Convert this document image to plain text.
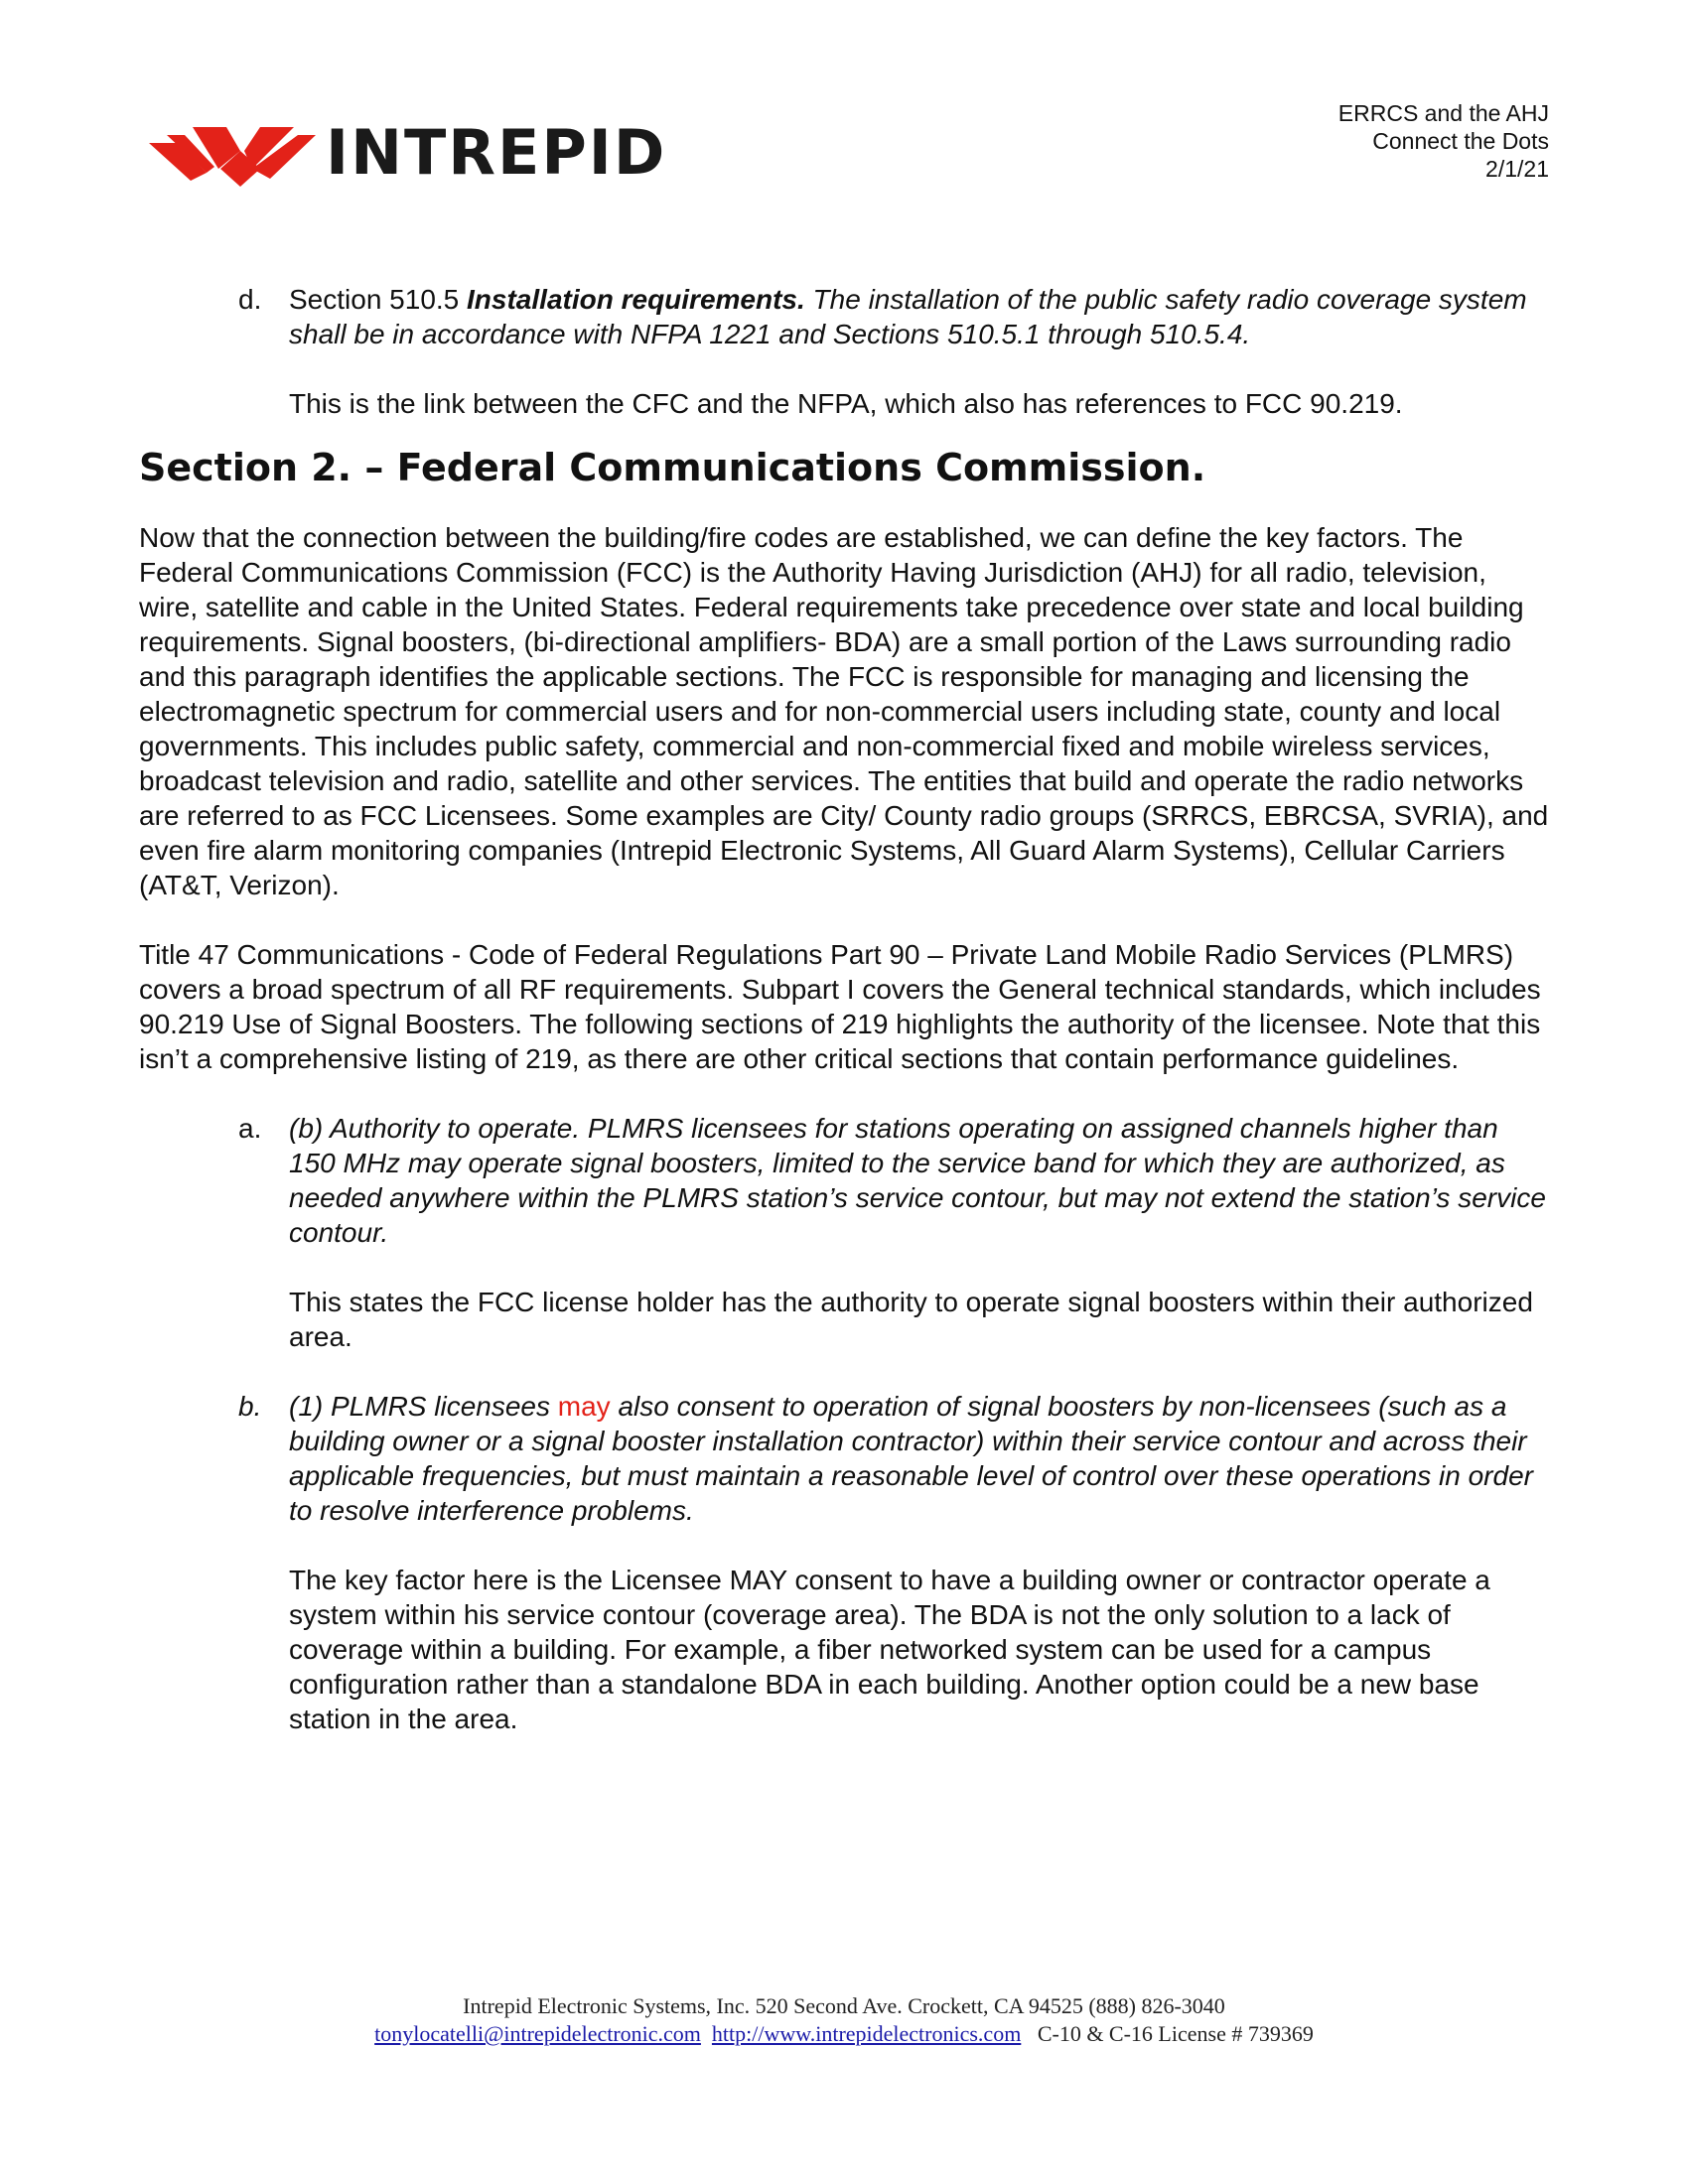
INTREPID
ERRCS and the AHJ
Connect the Dots
2/1/21
d. Section 510.5 Installation requirements. The installation of the public safety radio coverage system shall be in accordance with NFPA 1221 and Sections 510.5.1 through 510.5.4.

This is the link between the CFC and the NFPA, which also has references to FCC 90.219.

Section 2. – Federal Communications Commission.

Now that the connection between the building/fire codes are established, we can define the key factors. The Federal Communications Commission (FCC) is the Authority Having Jurisdiction (AHJ) for all radio, television, wire, satellite and cable in the United States. Federal requirements take precedence over state and local building requirements. Signal boosters, (bi-directional amplifiers- BDA) are a small portion of the Laws surrounding radio and this paragraph identifies the applicable sections. The FCC is responsible for managing and licensing the electromagnetic spectrum for commercial users and for non-commercial users including state, county and local governments. This includes public safety, commercial and non-commercial fixed and mobile wireless services, broadcast television and radio, satellite and other services. The entities that build and operate the radio networks are referred to as FCC Licensees. Some examples are City/ County radio groups (SRRCS, EBRCSA, SVRIA), and even fire alarm monitoring companies (Intrepid Electronic Systems, All Guard Alarm Systems), Cellular Carriers (AT&T, Verizon).

Title 47 Communications - Code of Federal Regulations Part 90 – Private Land Mobile Radio Services (PLMRS) covers a broad spectrum of all RF requirements. Subpart I covers the General technical standards, which includes 90.219 Use of Signal Boosters. The following sections of 219 highlights the authority of the licensee. Note that this isn’t a comprehensive listing of 219, as there are other critical sections that contain performance guidelines.

a. (b) Authority to operate. PLMRS licensees for stations operating on assigned channels higher than 150 MHz may operate signal boosters, limited to the service band for which they are authorized, as needed anywhere within the PLMRS station’s service contour, but may not extend the station’s service contour.

This states the FCC license holder has the authority to operate signal boosters within their authorized area.

b. (1) PLMRS licensees may also consent to operation of signal boosters by non-licensees (such as a building owner or a signal booster installation contractor) within their service contour and across their applicable frequencies, but must maintain a reasonable level of control over these operations in order to resolve interference problems.

The key factor here is the Licensee MAY consent to have a building owner or contractor operate a system within his service contour (coverage area). The BDA is not the only solution to a lack of coverage within a building. For example, a fiber networked system can be used for a campus configuration rather than a standalone BDA in each building. Another option could be a new base station in the area.

Intrepid Electronic Systems, Inc. 520 Second Ave. Crockett, CA 94525 (888) 826-3040
tonylocatelli@intrepidelectronic.com http://www.intrepidelectronics.com C-10 & C-16 License # 739369
